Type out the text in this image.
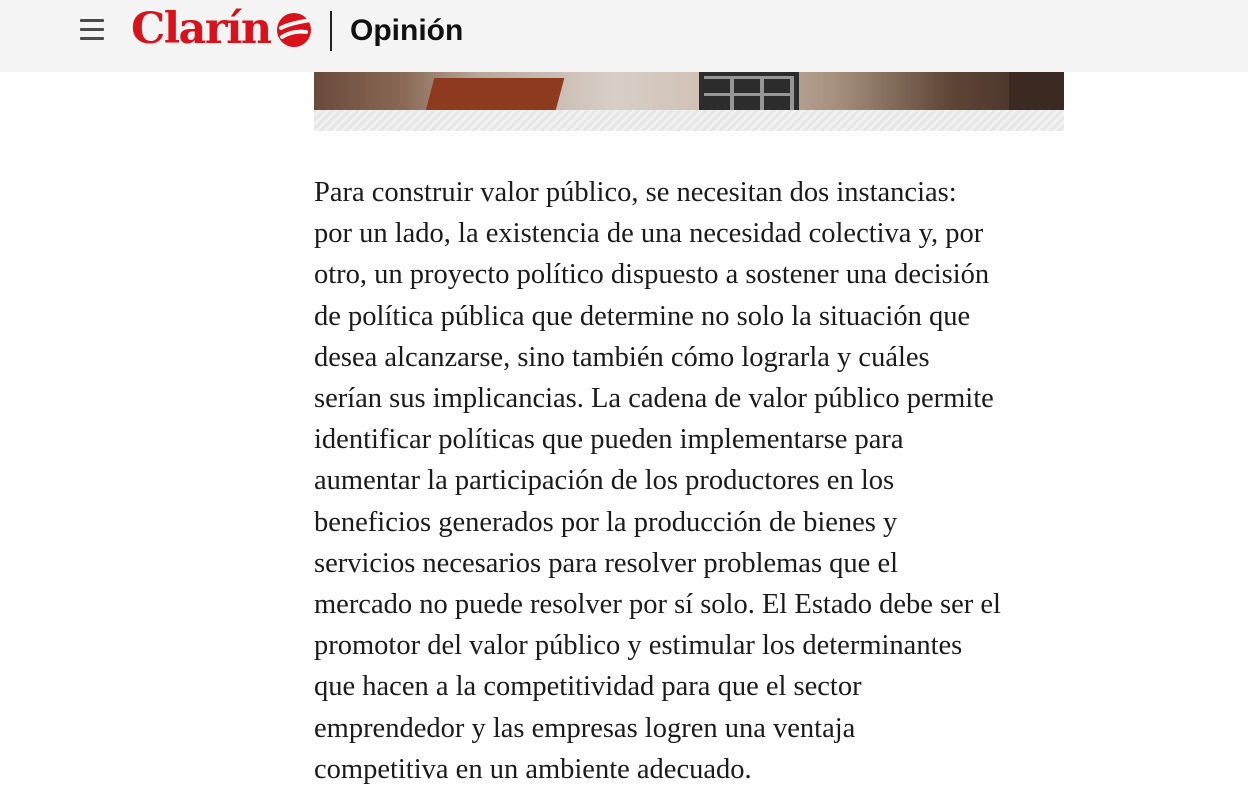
Clarín	Opinión

Para construir valor público, se necesitan dos instancias:
por un lado, la existencia de una necesidad colectiva y, por
otro, un proyecto político dispuesto a sostener una decisión
de política pública que determine no solo la situación que
desea alcanzarse, sino también cómo lograrla y cuáles
serían sus implicancias. La cadena de valor público permite
identificar políticas que pueden implementarse para
aumentar la participación de los productores en los
beneficios generados por la producción de bienes y
servicios necesarios para resolver problemas que el
mercado no puede resolver por sí solo. El Estado debe ser el
promotor del valor público y estimular los determinantes
que hacen a la competitividad para que el sector
emprendedor y las empresas logren una ventaja
competitiva en un ambiente adecuado.
